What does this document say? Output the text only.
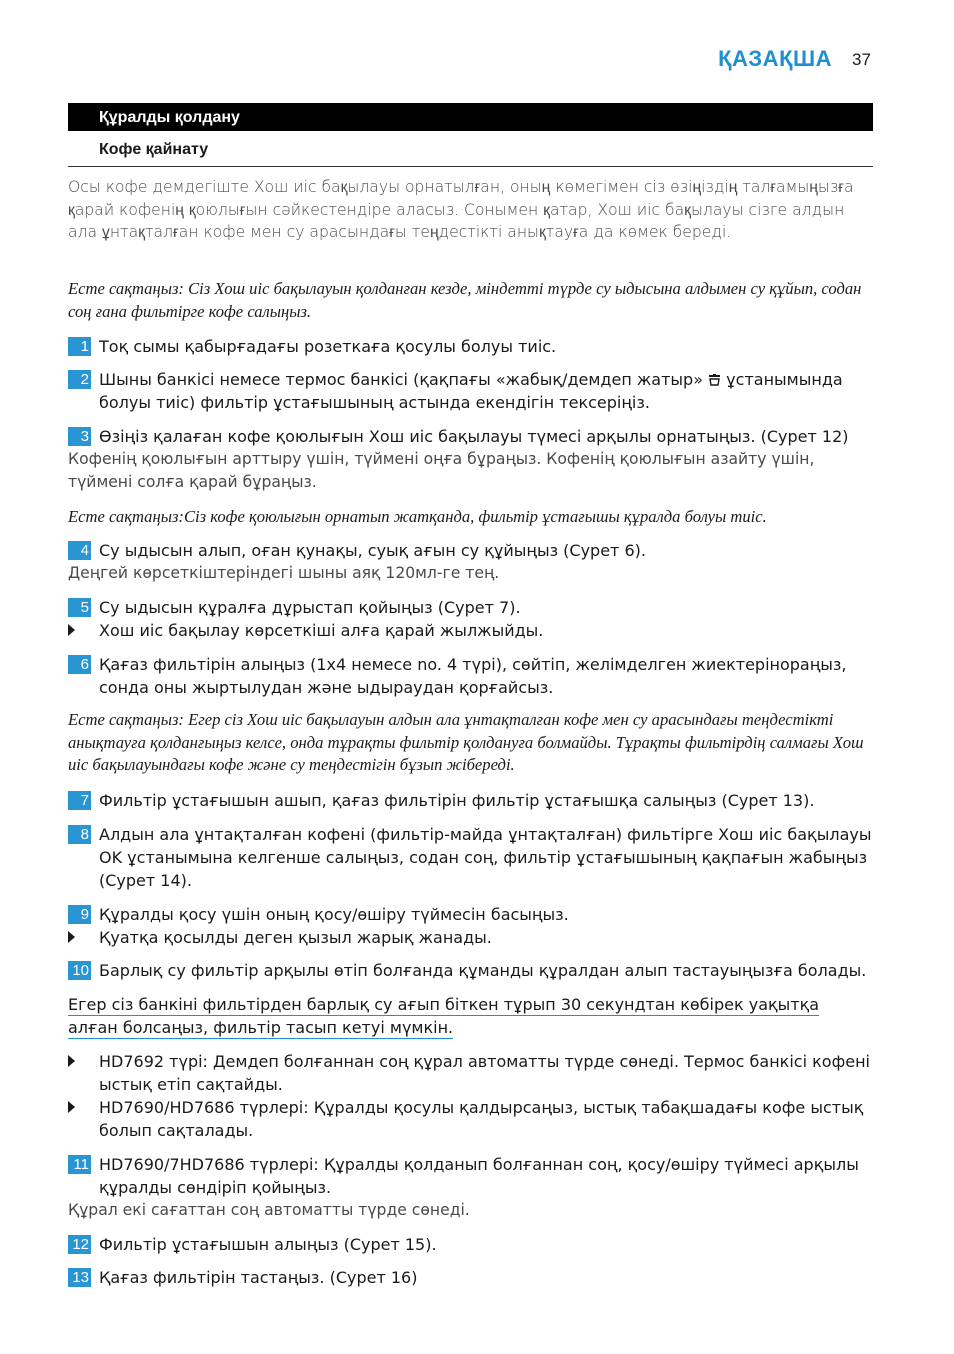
ҚАЗАҚША 37
Құралды қолдану
Кофе қайнату
Осы кофе демдегіште Хош иіс бақылауы орнатылған, оның көмегімен сіз өзіңіздің талғамыңызға қарай кофенің қоюлығын сәйкестендіре аласыз. Сонымен қатар, Хош иіс бақылауы сізге алдын ала ұнтақталған кофе мен су арасындағы теңдестікті анықтауға да көмек береді.
Есте сақтаңыз: Сіз Хош иіс бақылауын қолданған кезде, міндетті түрде су ыдысына алдымен су құйып, содан соң ғана фильтірге кофе салыңыз.
1 Тоқ сымы қабырғадағы розеткаға қосулы болуы тиіс.
2 Шыны банкісі немесе термос банкісі (қақпағы «жабық/демдеп жатыр» ұстанымында болуы тиіс) фильтір ұстағышының астында екендігін тексеріңіз.
3 Өзіңіз қалаған кофе қоюлығын Хош иіс бақылауы түмесі арқылы орнатыңыз. (Сурет 12)
Кофенің қоюлығын арттыру үшін, түймені оңға бұраңыз. Кофенің қоюлығын азайту үшін, түймені солға қарай бұраңыз.
Есте сақтаңыз:Сіз кофе қоюлығын орнатып жатқанда, фильтір ұстағышы құралда болуы тиіс.
4 Су ыдысын алып, оған қунақы, суық ағын су құйыңыз (Сурет 6).
Деңгей көрсеткіштеріндегі шыны аяқ 120мл-ге тең.
5 Су ыдысын құралға дұрыстап қойыңыз (Сурет 7).
Хош иіс бақылау көрсеткіші алға қарай жылжыйды.
6 Қағаз фильтірін алыңыз (1x4 немесе no. 4 түрі), сөйтіп, желімделген жиектерінораңыз, сонда оны жыртылудан және ыдыраудан қорғайсыз.
Есте сақтаңыз: Егер сіз Хош иіс бақылауын алдын ала ұнтақталған кофе мен су арасындағы теңдестікті анықтауға қолданғыңыз келсе, онда тұрақты фильтір қолдануға болмайды. Тұрақты фильтірдің салмағы Хош иіс бақылауындағы кофе және су теңдестігін бұзып жібереді.
7 Фильтір ұстағышын ашып, қағаз фильтірін фильтір ұстағышқа салыңыз (Сурет 13).
8 Алдын ала ұнтақталған кофені (фильтір-майда ұнтақталған) фильтірге Хош иіс бақылауы OK ұстанымына келгенше салыңыз, содан соң, фильтір ұстағышының қақпағын жабыңыз (Сурет 14).
9 Құралды қосу үшін оның қосу/өшіру түймесін басыңыз.
Қуатқа қосылды деген қызыл жарық жанады.
10 Барлық су фильтір арқылы өтіп болғанда құманды құралдан алып тастауыңызға болады.
Егер сіз банкіні фильтірден барлық су ағып біткен тұрып 30 секундтан көбірек уақытқа алған болсаңыз, фильтір тасып кетуі мүмкін.
HD7692 түрі: Демдеп болғаннан соң құрал автоматты түрде сөнеді. Термос банкісі кофені ыстық етіп сақтайды.
HD7690/HD7686 түрлері: Құралды қосулы қалдырсаңыз, ыстық табақшадағы кофе ыстық болып сақталады.
11 HD7690/7HD7686 түрлері: Құралды қолданып болғаннан соң, қосу/өшіру түймесі арқылы құралды сөндіріп қойыңыз.
Құрал екі сағаттан соң автоматты түрде сөнеді.
12 Фильтір ұстағышын алыңыз (Сурет 15).
13 Қағаз фильтірін тастаңыз. (Сурет 16)
